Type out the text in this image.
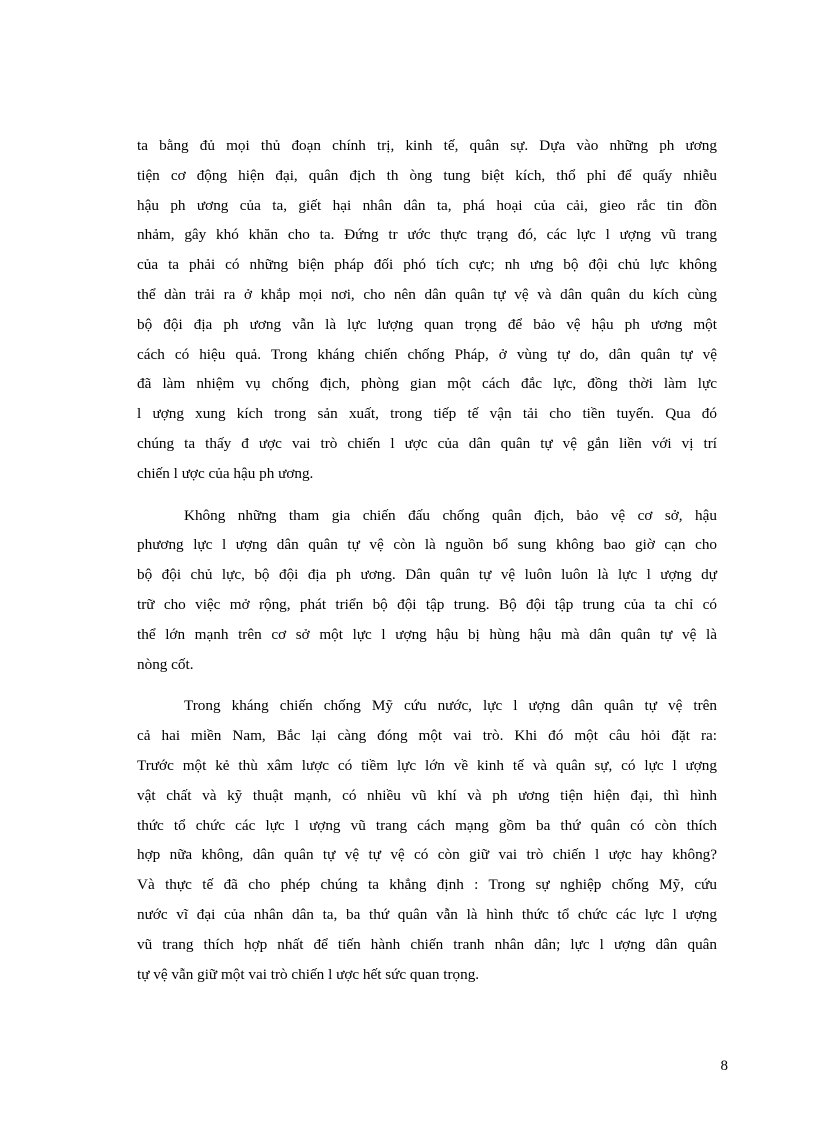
ta bằng đủ mọi thủ đoạn chính trị, kinh tế, quân sự. Dựa vào những ph ương
tiện cơ động hiện đại, quân địch th òng tung biệt kích, thổ phỉ để quấy nhiễu
hậu ph ương của ta, giết hại nhân dân ta, phá hoại của cải, gieo rắc tin đồn
nhảm, gây khó khăn cho ta. Đứng tr ước thực trạng đó, các lực l ượng vũ trang
của ta phải có những biện pháp đối phó tích cực; nh ưng bộ đội chủ lực không
thể dàn trải ra ở khắp mọi nơi, cho nên dân quân tự vệ và dân quân du kích cùng
bộ đội địa ph ương vẫn là lực lượng quan trọng để bảo vệ hậu ph ương một
cách có hiệu quả. Trong kháng chiến chống Pháp, ở vùng tự do, dân quân tự vệ
đã làm nhiệm vụ chống địch, phòng gian một cách đắc lực, đồng thời làm lực
l ượng xung kích trong sản xuất, trong tiếp tế vận tải cho tiền tuyến. Qua đó
chúng ta thấy đ ược vai trò chiến l ược của dân quân tự vệ gắn liền với vị trí
chiến l ược của hậu ph ương.
Không những tham gia chiến đấu chống quân địch, bảo vệ cơ sở, hậu
phương lực l ượng dân quân tự vệ còn là nguồn bổ sung không bao giờ cạn cho
bộ đội chủ lực, bộ đội địa ph ương. Dân quân tự vệ luôn luôn là lực l ượng dự
trữ cho việc mở rộng, phát triển bộ đội tập trung. Bộ đội tập trung của ta chỉ có
thể lớn mạnh trên cơ sở một lực l ượng hậu bị hùng hậu mà dân quân tự vệ là
nòng cốt.
Trong kháng chiến chống Mỹ cứu nước, lực l ượng dân quân tự vệ trên
cả hai miền Nam, Bắc lại càng đóng một vai trò. Khi đó một câu hỏi đặt ra:
Trước một kẻ thù xâm lược có tiềm lực lớn về kinh tế và quân sự, có lực l ượng
vật chất và kỹ thuật mạnh, có nhiều vũ khí và ph ương tiện hiện đại, thì hình
thức tổ chức các lực l ượng vũ trang cách mạng gồm ba thứ quân có còn thích
hợp nữa không, dân quân tự vệ tự vệ có còn giữ vai trò chiến l ược hay không?
Và thực tế đã cho phép chúng ta khẳng định : Trong sự nghiệp chống Mỹ, cứu
nước vĩ đại của nhân dân ta, ba thứ quân vẫn là hình thức tổ chức các lực l ượng
vũ trang thích hợp nhất để tiến hành chiến tranh nhân dân; lực l ượng dân quân
tự vệ vẫn giữ một vai trò chiến l ược hết sức quan trọng.
8
